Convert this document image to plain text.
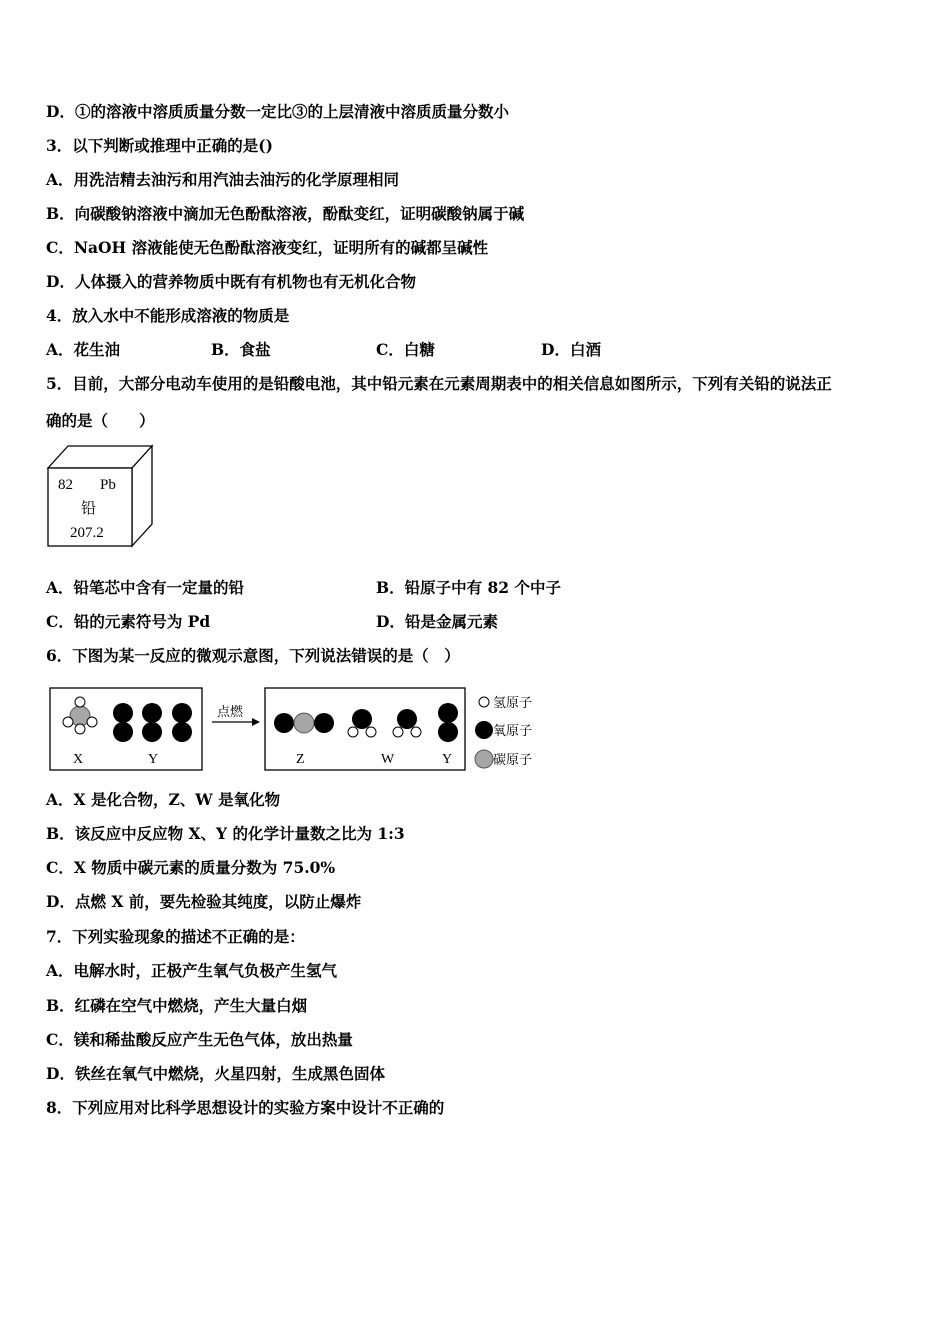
D．①的溶液中溶质质量分数一定比③的上层清液中溶质质量分数小
3．以下判断或推理中正确的是()
A．用洗洁精去油污和用汽油去油污的化学原理相同
B．向碳酸钠溶液中滴加无色酚酞溶液，酚酞变红，证明碳酸钠属于碱
C．NaOH 溶液能使无色酚酞溶液变红，证明所有的碱都呈碱性
D．人体摄入的营养物质中既有有机物也有无机化合物
4．放入水中不能形成溶液的物质是
A．花生油	B．食盐	C．白糖	D．白酒
5．目前，大部分电动车使用的是铅酸电池，其中铅元素在元素周期表中的相关信息如图所示，下列有关铅的说法正
确的是（　　）
82 Pb
铅
207.2
A．铅笔芯中含有一定量的铅	B．铅原子中有 82 个中子
C．铅的元素符号为 Pd	D．铅是金属元素
6．下图为某一反应的微观示意图，下列说法错误的是（　）
X	Y
点燃
Z	W	Y
氢原子
氧原子
碳原子
A．X 是化合物，Z、W 是氧化物
B．该反应中反应物 X、Y 的化学计量数之比为 1:3
C．X 物质中碳元素的质量分数为 75.0%
D．点燃 X 前，要先检验其纯度，以防止爆炸
7．下列实验现象的描述不正确的是：
A．电解水时，正极产生氧气负极产生氢气
B．红磷在空气中燃烧，产生大量白烟
C．镁和稀盐酸反应产生无色气体，放出热量
D．铁丝在氧气中燃烧，火星四射，生成黑色固体
8．下列应用对比科学思想设计的实验方案中设计不正确的
